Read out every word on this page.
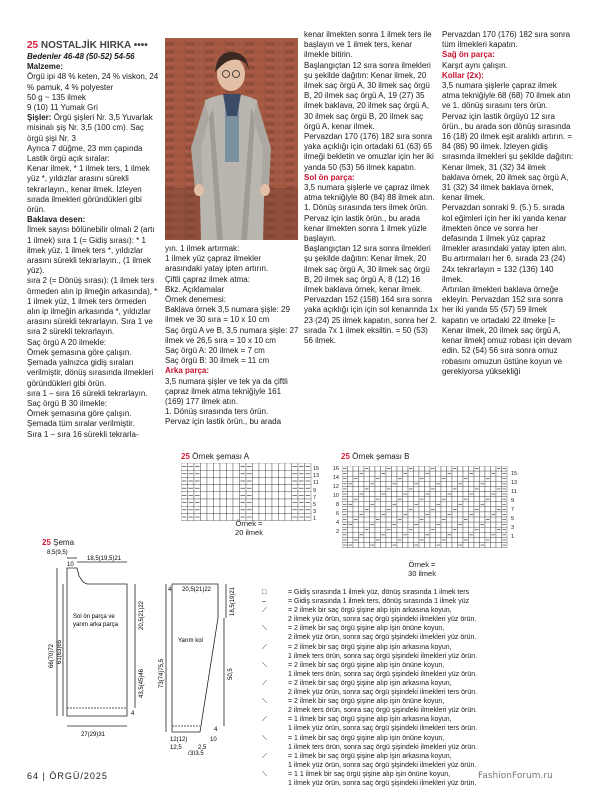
25 NOSTALJİK HIRKA ••••

Bedenler 46-48 (50-52) 54-56

Malzeme:

Örgü ipi 48 % keten, 24 % viskon, 24 % pamuk, 4 % polyester
50 g ~ 135 ilmek
9 (10) 11 Yumak Gri

Şişler: Örgü şişleri Nr. 3,5 Yuvarlak misinalı şiş Nr. 3,5 (100 cm). Saç örgü şişi Nr. 3
Ayrıca 7 düğme, 23 mm çapında
Lastik örgü açık sıralar:
Kenar ilmek, * 1 ilmek ters, 1 ilmek yüz *, yıldızlar arasını sürekli tekrarlayın., kenar ilmek. İzleyen sırada ilmekleri göründükleri gibi örün.

Baklava desen:

İlmek sayısı bölünebilir olmalı 2 (artı 1 ilmek) sıra 1 (= Gidiş sırası): * 1 ilmek yüz, 1 ilmek ters *, yıldızlar arasını sürekli tekrarlayın., (1 ilmek yüz).
sıra 2 (= Dönüş sırası): (1 ilmek ters örmeden alın ip ilmeğin arkasında), * 1 ilmek yüz, 1 ilmek ters örmeden alın ip ilmeğin arkasında *, yıldızlar arasını sürekli tekrarlayın. Sıra 1 ve sıra 2 sürekli tekrarlayın.
Saç örgü A 20 ilmekle:
Örnek şemasına göre çalışın. Şemada yalnızca gidiş sıraları verilmiştir, dönüş sırasında ilmekleri göründükleri gibi örün.
sıra 1 – sıra 16 sürekli tekrarlayın.
Saç örgü B 30 ilmekle:
Örnek şemasına göre çalışın. Şemada tüm sıralar verilmiştir.
Sıra 1 – sıra 16 sürekli tekrarla-

yın. 1 ilmek artırmak:
1 ilmek yüz çapraz ilmekler arasındaki yatay ipten artırın.
Çiftli çapraz ilmek atma:
Bkz. Açıklamalar
Örnek denemesi:
Baklava örnek 3,5 numara şişle: 29 ilmek ve 30 sıra = 10 x 10 cm
Saç örgü A ve B, 3,5 numara şişle: 27 ilmek ve 26,5 sıra = 10 x 10 cm
Saç örgü A: 20 ilmek = 7 cm
Saç örgü B: 30 ilmek = 11 cm

Arka parça:

3,5 numara şişler ve tek ya da çiftli çapraz ilmek atma tekniğiyle 161 (169) 177 ilmek atın.
1. Dönüş sırasında ters örün.
Pervaz için lastik örün., bu arada

kenar ilmekten sonra 1 ilmek ters ile başlayın ve 1 ilmek ters, kenar ilmekle bitirin.
Başlangıçtan 12 sıra sonra ilmekleri şu şekilde dağıtın: Kenar ilmek, 20 ilmek saç örgü A, 30 ilmek saç örgü B, 20 ilmek saç örgü A, 19 (27) 35 ilmek baklava, 20 ilmek saç örgü A, 30 ilmek saç örgü B, 20 ilmek saç örgü A, kenar ilmek.
Pervazdan 170 (176) 182 sıra sonra yaka açıklığı için ortadaki 61 (63) 65 ilmeği bekletin ve omuzlar için her iki yanda 50 (53) 56 ilmek kapatın.

Sol ön parça:

3,5 numara şişlerle ve çapraz ilmek atma tekniğiyle 80 (84) 88 ilmek atın. 1. Dönüş sırasında ters ilmek örün. Pervaz için lastik örün., bu arada kenar ilmekten sonra 1 ilmek yüzle başlayın.
Başlangıçtan 12 sıra sonra ilmekleri şu şekilde dağıtın: Kenar ilmek, 20 ilmek saç örgü A, 30 ilmek saç örgü B, 20 ilmek saç örgü A, 8 (12) 16 ilmek baklava örnek, kenar ilmek.
Pervazdan 152 (158) 164 sıra sonra yaka açıklığı için için sol kenarında 1x 23 (24) 25 ilmek kapatın, sonra her 2. sırada 7x 1 ilmek eksiltin. = 50 (53) 56 ilmek.

Pervazdan 170 (176) 182 sıra sonra tüm ilmekleri kapatın.

Sağ ön parça:

Karşıt aynı çalışın.

Kollar (2x):

3,5 numara şişlerle çapraz ilmek atma tekniğiyle 68 (68) 70 ilmek atın ve 1. dönüş sırasını ters örün. Pervaz için lastik örgüyü 12 sıra örün., bu arada son dönüş sırasında 16 (18) 20 ilmek eşit aralıklı artırın. = 84 (86) 90 ilmek. İzleyen gidiş sırasında ilmekleri şu şekilde dağıtın: Kenar ilmek, 31 (32) 34 ilmek baklava örnek, 20 ilmek saç örgü A, 31 (32) 34 ilmek baklava örnek, kenar ilmek.
Pervazdan sonraki 9. (5.) 5. sırada kol eğimleri için her iki yanda kenar ilmekten önce ve sonra her defasında 1 ilmek yüz çapraz ilmekler arasındaki yatay ipten alın. Bu artırmaları her 6. sırada 23 (24) 24x tekrarlayın = 132 (136) 140 ilmek.
Artırılan ilmekleri baklava örneğe ekleyin. Pervazdan 152 sıra sonra her iki yanda 55 (57) 59 ilmek kapatın ve ortadaki 22 ilmeke [= Kenar ilmek, 20 ilmek saç örgü A, kenar ilmek] omuz robası için devam edin. 52 (54) 56 sıra sonra omuz robasını omuzun üstüne koyun ve gerekiyorsa yüksekliği

25 Örnek şeması A
15
13
11
9
7
5
3
1
Örnek =
20 ilmek
25 Örnek şeması B
16
14
12
10
8
6
4
2
15
13
11
9
7
5
3
1
Örnek =
30 ilmek
25 Şema
8,5(9,5)
10
18,5(19,5)21
Sol ön parça ve
yarım arka parça
66(70)72 61(63)65
20,5(21)22
43,5(45)46
4
27(29)31
4 20,5(21)22
Yarım kol
73(74)75,5
18,5(19)21
50,5
4
12(12)
12,5
10
2,5
(3)3,5
□	= Gidiş sırasında 1 ilmek yüz, dönüş sırasında 1 ilmek ters
–	= Gidiş sırasında 1 ilmek ters, dönüş sırasında 1 ilmek yüz
⟋	= 2 ilmek bir saç örgü şişine alıp işin arkasına koyun,
2 ilmek yüz örün, sonra saç örgü şişindeki ilmekleri yüz örün.
⟍	= 2 ilmek bir saç örgü şişine alıp işin önüne koyun,
2 ilmek yüz örün, sonra saç örgü şişindeki ilmekleri yüz örün.
⟋	= 2 ilmek bir saç örgü şişine alıp işin arkasına koyun,
1 ilmek ters örün, sonra saç örgü şişindeki ilmekleri yüz örün.
⟍	= 2 ilmek bir saç örgü şişine alıp işin önüne koyun,
1 ilmek ters örün, sonra saç örgü şişindeki ilmekleri yüz örün.
⟋	= 2 ilmek bir saç örgü şişine alıp işin arkasına koyun,
2 ilmek yüz örün, sonra saç örgü şişindeki ilmekleri ters örün.
⟍	= 2 ilmek bir saç örgü şişine alıp işin önüne koyun,
2 ilmek ters örün, sonra saç örgü şişindeki ilmekleri yüz örün.
⟋	= 1 ilmek bir saç örgü şişine alıp işin arkasına koyun,
1 ilmek yüz örün, sonra saç örgü şişindeki ilmekleri ters örün.
⟍	= 1 ilmek bir saç örgü şişine alıp işin önüne koyun,
1 ilmek ters örün, sonra saç örgü şişindeki ilmekleri yüz örün.
⟋	= 1 ilmek bir saç örgü şişine alıp işin arkasına koyun,
1 ilmek yüz örün, sonra saç örgü şişindeki ilmekleri yüz örün.
⟍	= 1 1 ilmek bir saç örgü şişine alıp işin önüne koyun,
1 ilmek yüz örün, sonra saç örgü şişindeki ilmekleri yüz örün.
64 | ÖRGÜ/2025	FashionForum.ru
